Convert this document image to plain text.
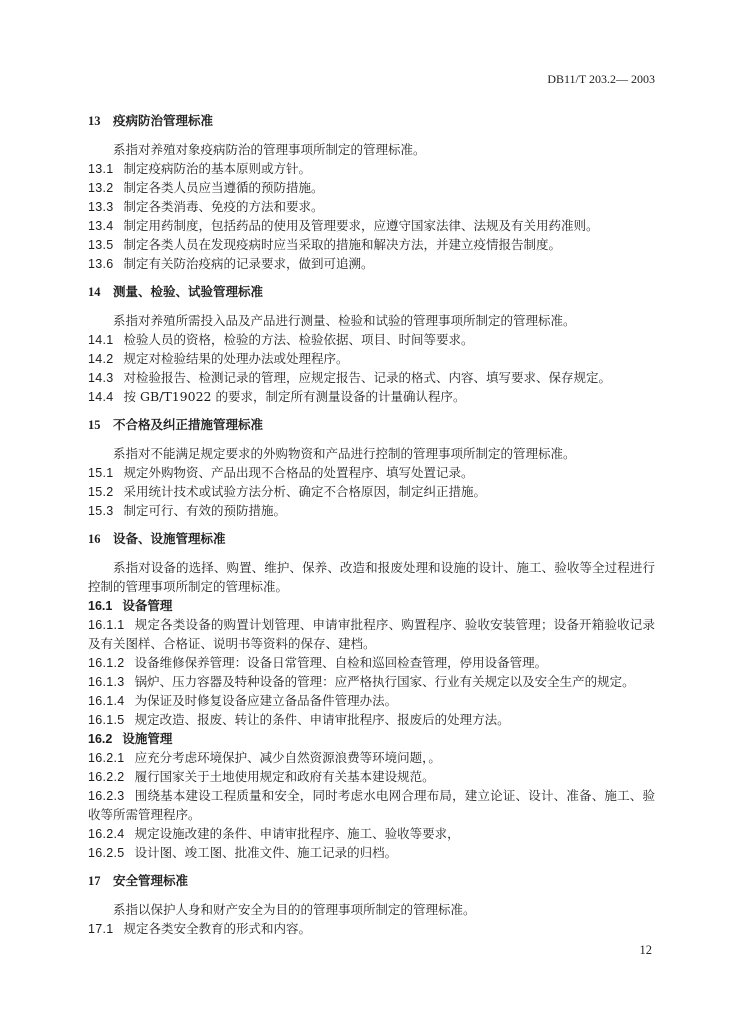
DB11/T 203.2— 2003
13 疫病防治管理标准
系指对养殖对象疫病防治的管理事项所制定的管理标准。
13.1 制定疫病防治的基本原则或方针。
13.2 制定各类人员应当遵循的预防措施。
13.3 制定各类消毒、免疫的方法和要求。
13.4 制定用药制度，包括药品的使用及管理要求，应遵守国家法律、法规及有关用药准则。
13.5 制定各类人员在发现疫病时应当采取的措施和解决方法，并建立疫情报告制度。
13.6 制定有关防治疫病的记录要求，做到可追溯。
14 测量、检验、试验管理标准
系指对养殖所需投入品及产品进行测量、检验和试验的管理事项所制定的管理标准。
14.1 检验人员的资格，检验的方法、检验依据、项目、时间等要求。
14.2 规定对检验结果的处理办法或处理程序。
14.3 对检验报告、检测记录的管理，应规定报告、记录的格式、内容、填写要求、保存规定。
14.4 按 GB/T19022 的要求，制定所有测量设备的计量确认程序。
15 不合格及纠正措施管理标准
系指对不能满足规定要求的外购物资和产品进行控制的管理事项所制定的管理标准。
15.1 规定外购物资、产品出现不合格品的处置程序、填写处置记录。
15.2 采用统计技术或试验方法分析、确定不合格原因，制定纠正措施。
15.3 制定可行、有效的预防措施。
16 设备、设施管理标准
系指对设备的选择、购置、维护、保养、改造和报废处理和设施的设计、施工、验收等全过程进行
控制的管理事项所制定的管理标准。
16.1 设备管理
16.1.1 规定各类设备的购置计划管理、申请审批程序、购置程序、验收安装管理；设备开箱验收记录
及有关图样、合格证、说明书等资料的保存、建档。
16.1.2 设备维修保养管理：设备日常管理、自检和巡回检查管理，停用设备管理。
16.1.3 锅炉、压力容器及特种设备的管理：应严格执行国家、行业有关规定以及安全生产的规定。
16.1.4 为保证及时修复设备应建立备品备件管理办法。
16.1.5 规定改造、报废、转让的条件、申请审批程序、报废后的处理方法。
16.2 设施管理
16.2.1 应充分考虑环境保护、减少自然资源浪费等环境问题，。
16.2.2 履行国家关于土地使用规定和政府有关基本建设规范。
16.2.3 围绕基本建设工程质量和安全，同时考虑水电网合理布局，建立论证、设计、准备、施工、验
收等所需管理程序。
16.2.4 规定设施改建的条件、申请审批程序、施工、验收等要求，
16.2.5 设计图、竣工图、批准文件、施工记录的归档。
17 安全管理标准
系指以保护人身和财产安全为目的的管理事项所制定的管理标准。
17.1 规定各类安全教育的形式和内容。
12
